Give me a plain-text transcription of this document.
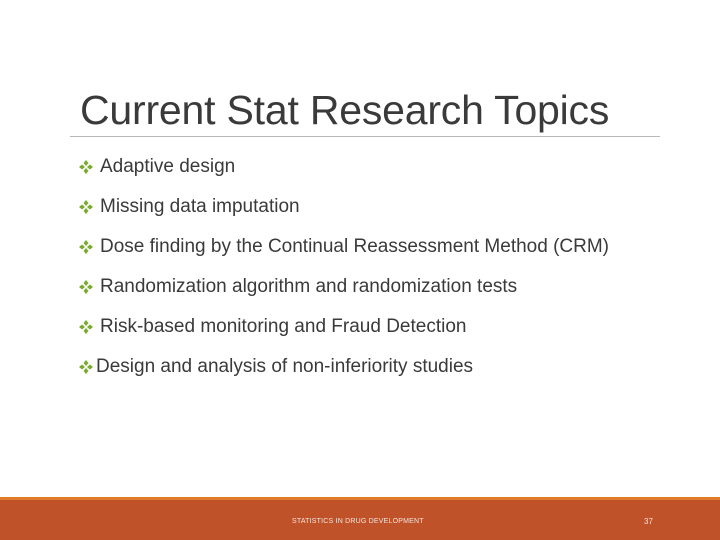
Current Stat Research Topics
Adaptive design
Missing data imputation
Dose finding by the Continual Reassessment Method (CRM)
Randomization algorithm and randomization tests
Risk-based monitoring and Fraud Detection
Design and analysis of non-inferiority studies
STATISTICS IN DRUG DEVELOPMENT	37
